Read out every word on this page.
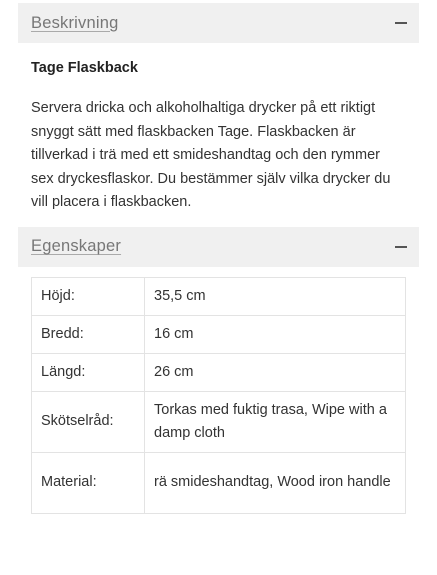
Beskrivning

Tage Flaskback

Servera dricka och alkoholhaltiga drycker på ett riktigt snyggt sätt med flaskbacken Tage. Flaskbacken är tillverkad i trä med ett smideshandtag och den rymmer sex dryckesflaskor. Du bestämmer själv vilka drycker du vill placera i flaskbacken.

Egenskaper
Höjd:	35,5 cm
Bredd:	16 cm
Längd:	26 cm
Skötselråd:	Torkas med fuktig trasa, Wipe with a damp cloth
Material:	rä smideshandtag, Wood iron handle
